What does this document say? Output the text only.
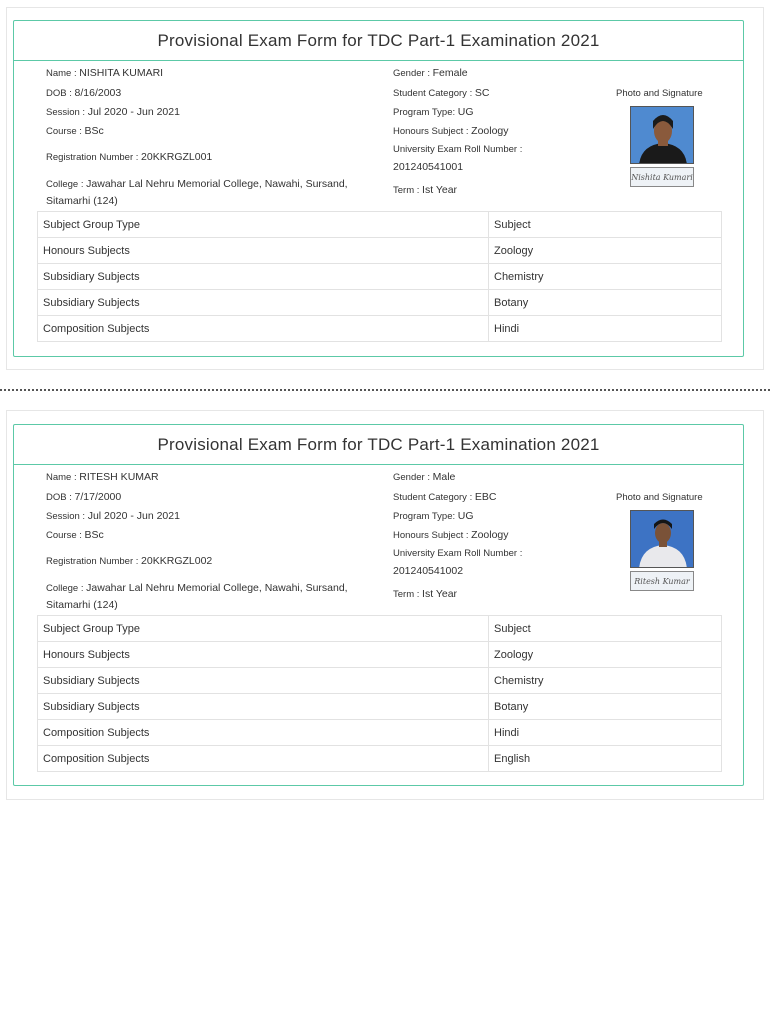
Provisional Exam Form for TDC Part-1 Examination 2021
Name : NISHITA KUMARI
DOB : 8/16/2003
Session : Jul 2020 - Jun 2021
Course : BSc
Registration Number : 20KKRGZL001
College : Jawahar Lal Nehru Memorial College, Nawahi, Sursand, Sitamarhi (124)
Gender : Female
Student Category : SC
Program Type: UG
Honours Subject : Zoology
University Exam Roll Number :
201240541001
Term : Ist Year
Photo and Signature
Nishita Kumari
Subject Group Type	Subject
Honours Subjects	Zoology
Subsidiary Subjects	Chemistry
Subsidiary Subjects	Botany
Composition Subjects	Hindi
Provisional Exam Form for TDC Part-1 Examination 2021
Name : RITESH KUMAR
DOB : 7/17/2000
Session : Jul 2020 - Jun 2021
Course : BSc
Registration Number : 20KKRGZL002
College : Jawahar Lal Nehru Memorial College, Nawahi, Sursand, Sitamarhi (124)
Gender : Male
Student Category : EBC
Program Type: UG
Honours Subject : Zoology
University Exam Roll Number :
201240541002
Term : Ist Year
Photo and Signature
Ritesh Kumar
Subject Group Type	Subject
Honours Subjects	Zoology
Subsidiary Subjects	Chemistry
Subsidiary Subjects	Botany
Composition Subjects	Hindi
Composition Subjects	English
